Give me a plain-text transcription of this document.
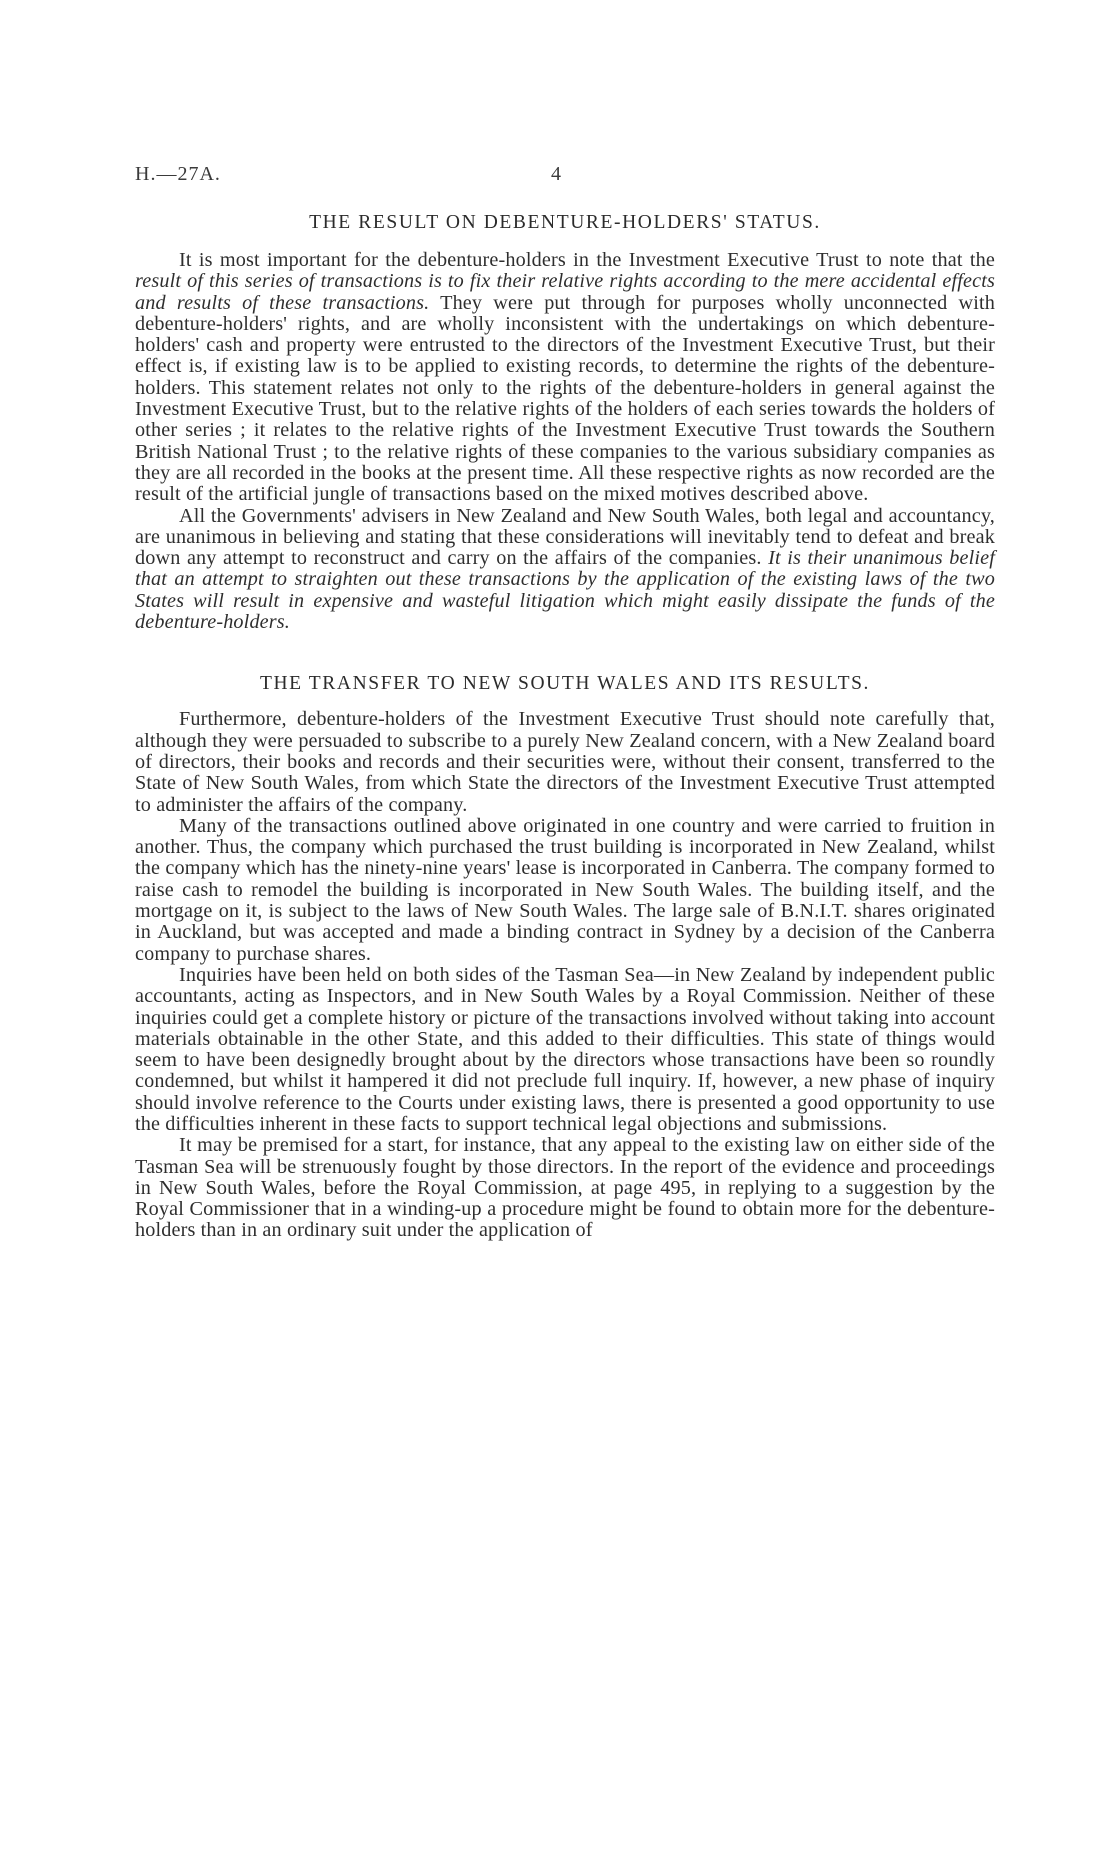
H.—27A.	4
THE RESULT ON DEBENTURE-HOLDERS' STATUS.

It is most important for the debenture-holders in the Investment Executive Trust to note that the result of this series of transactions is to fix their relative rights according to the mere accidental effects and results of these transactions. They were put through for purposes wholly unconnected with debenture-holders' rights, and are wholly inconsistent with the undertakings on which debenture-holders' cash and property were entrusted to the directors of the Investment Executive Trust, but their effect is, if existing law is to be applied to existing records, to determine the rights of the debenture-holders. This statement relates not only to the rights of the debenture-holders in general against the Investment Executive Trust, but to the relative rights of the holders of each series towards the holders of other series ; it relates to the relative rights of the Investment Executive Trust towards the Southern British National Trust ; to the relative rights of these companies to the various subsidiary companies as they are all recorded in the books at the present time. All these respective rights as now recorded are the result of the artificial jungle of transactions based on the mixed motives described above.

All the Governments' advisers in New Zealand and New South Wales, both legal and accountancy, are unanimous in believing and stating that these considerations will inevitably tend to defeat and break down any attempt to reconstruct and carry on the affairs of the companies. It is their unanimous belief that an attempt to straighten out these transactions by the application of the existing laws of the two States will result in expensive and wasteful litigation which might easily dissipate the funds of the debenture-holders.

THE TRANSFER TO NEW SOUTH WALES AND ITS RESULTS.

Furthermore, debenture-holders of the Investment Executive Trust should note carefully that, although they were persuaded to subscribe to a purely New Zealand concern, with a New Zealand board of directors, their books and records and their securities were, without their consent, transferred to the State of New South Wales, from which State the directors of the Investment Executive Trust attempted to administer the affairs of the company.

Many of the transactions outlined above originated in one country and were carried to fruition in another. Thus, the company which purchased the trust building is incorporated in New Zealand, whilst the company which has the ninety-nine years' lease is incorporated in Canberra. The company formed to raise cash to remodel the building is incorporated in New South Wales. The building itself, and the mortgage on it, is subject to the laws of New South Wales. The large sale of B.N.I.T. shares originated in Auckland, but was accepted and made a binding contract in Sydney by a decision of the Canberra company to purchase shares.

Inquiries have been held on both sides of the Tasman Sea—in New Zealand by independent public accountants, acting as Inspectors, and in New South Wales by a Royal Commission. Neither of these inquiries could get a complete history or picture of the transactions involved without taking into account materials obtainable in the other State, and this added to their difficulties. This state of things would seem to have been designedly brought about by the directors whose transactions have been so roundly condemned, but whilst it hampered it did not preclude full inquiry. If, however, a new phase of inquiry should involve reference to the Courts under existing laws, there is presented a good opportunity to use the difficulties inherent in these facts to support technical legal objections and submissions.

It may be premised for a start, for instance, that any appeal to the existing law on either side of the Tasman Sea will be strenuously fought by those directors. In the report of the evidence and proceedings in New South Wales, before the Royal Commission, at page 495, in replying to a suggestion by the Royal Commissioner that in a winding-up a procedure might be found to obtain more for the debenture-holders than in an ordinary suit under the application of
